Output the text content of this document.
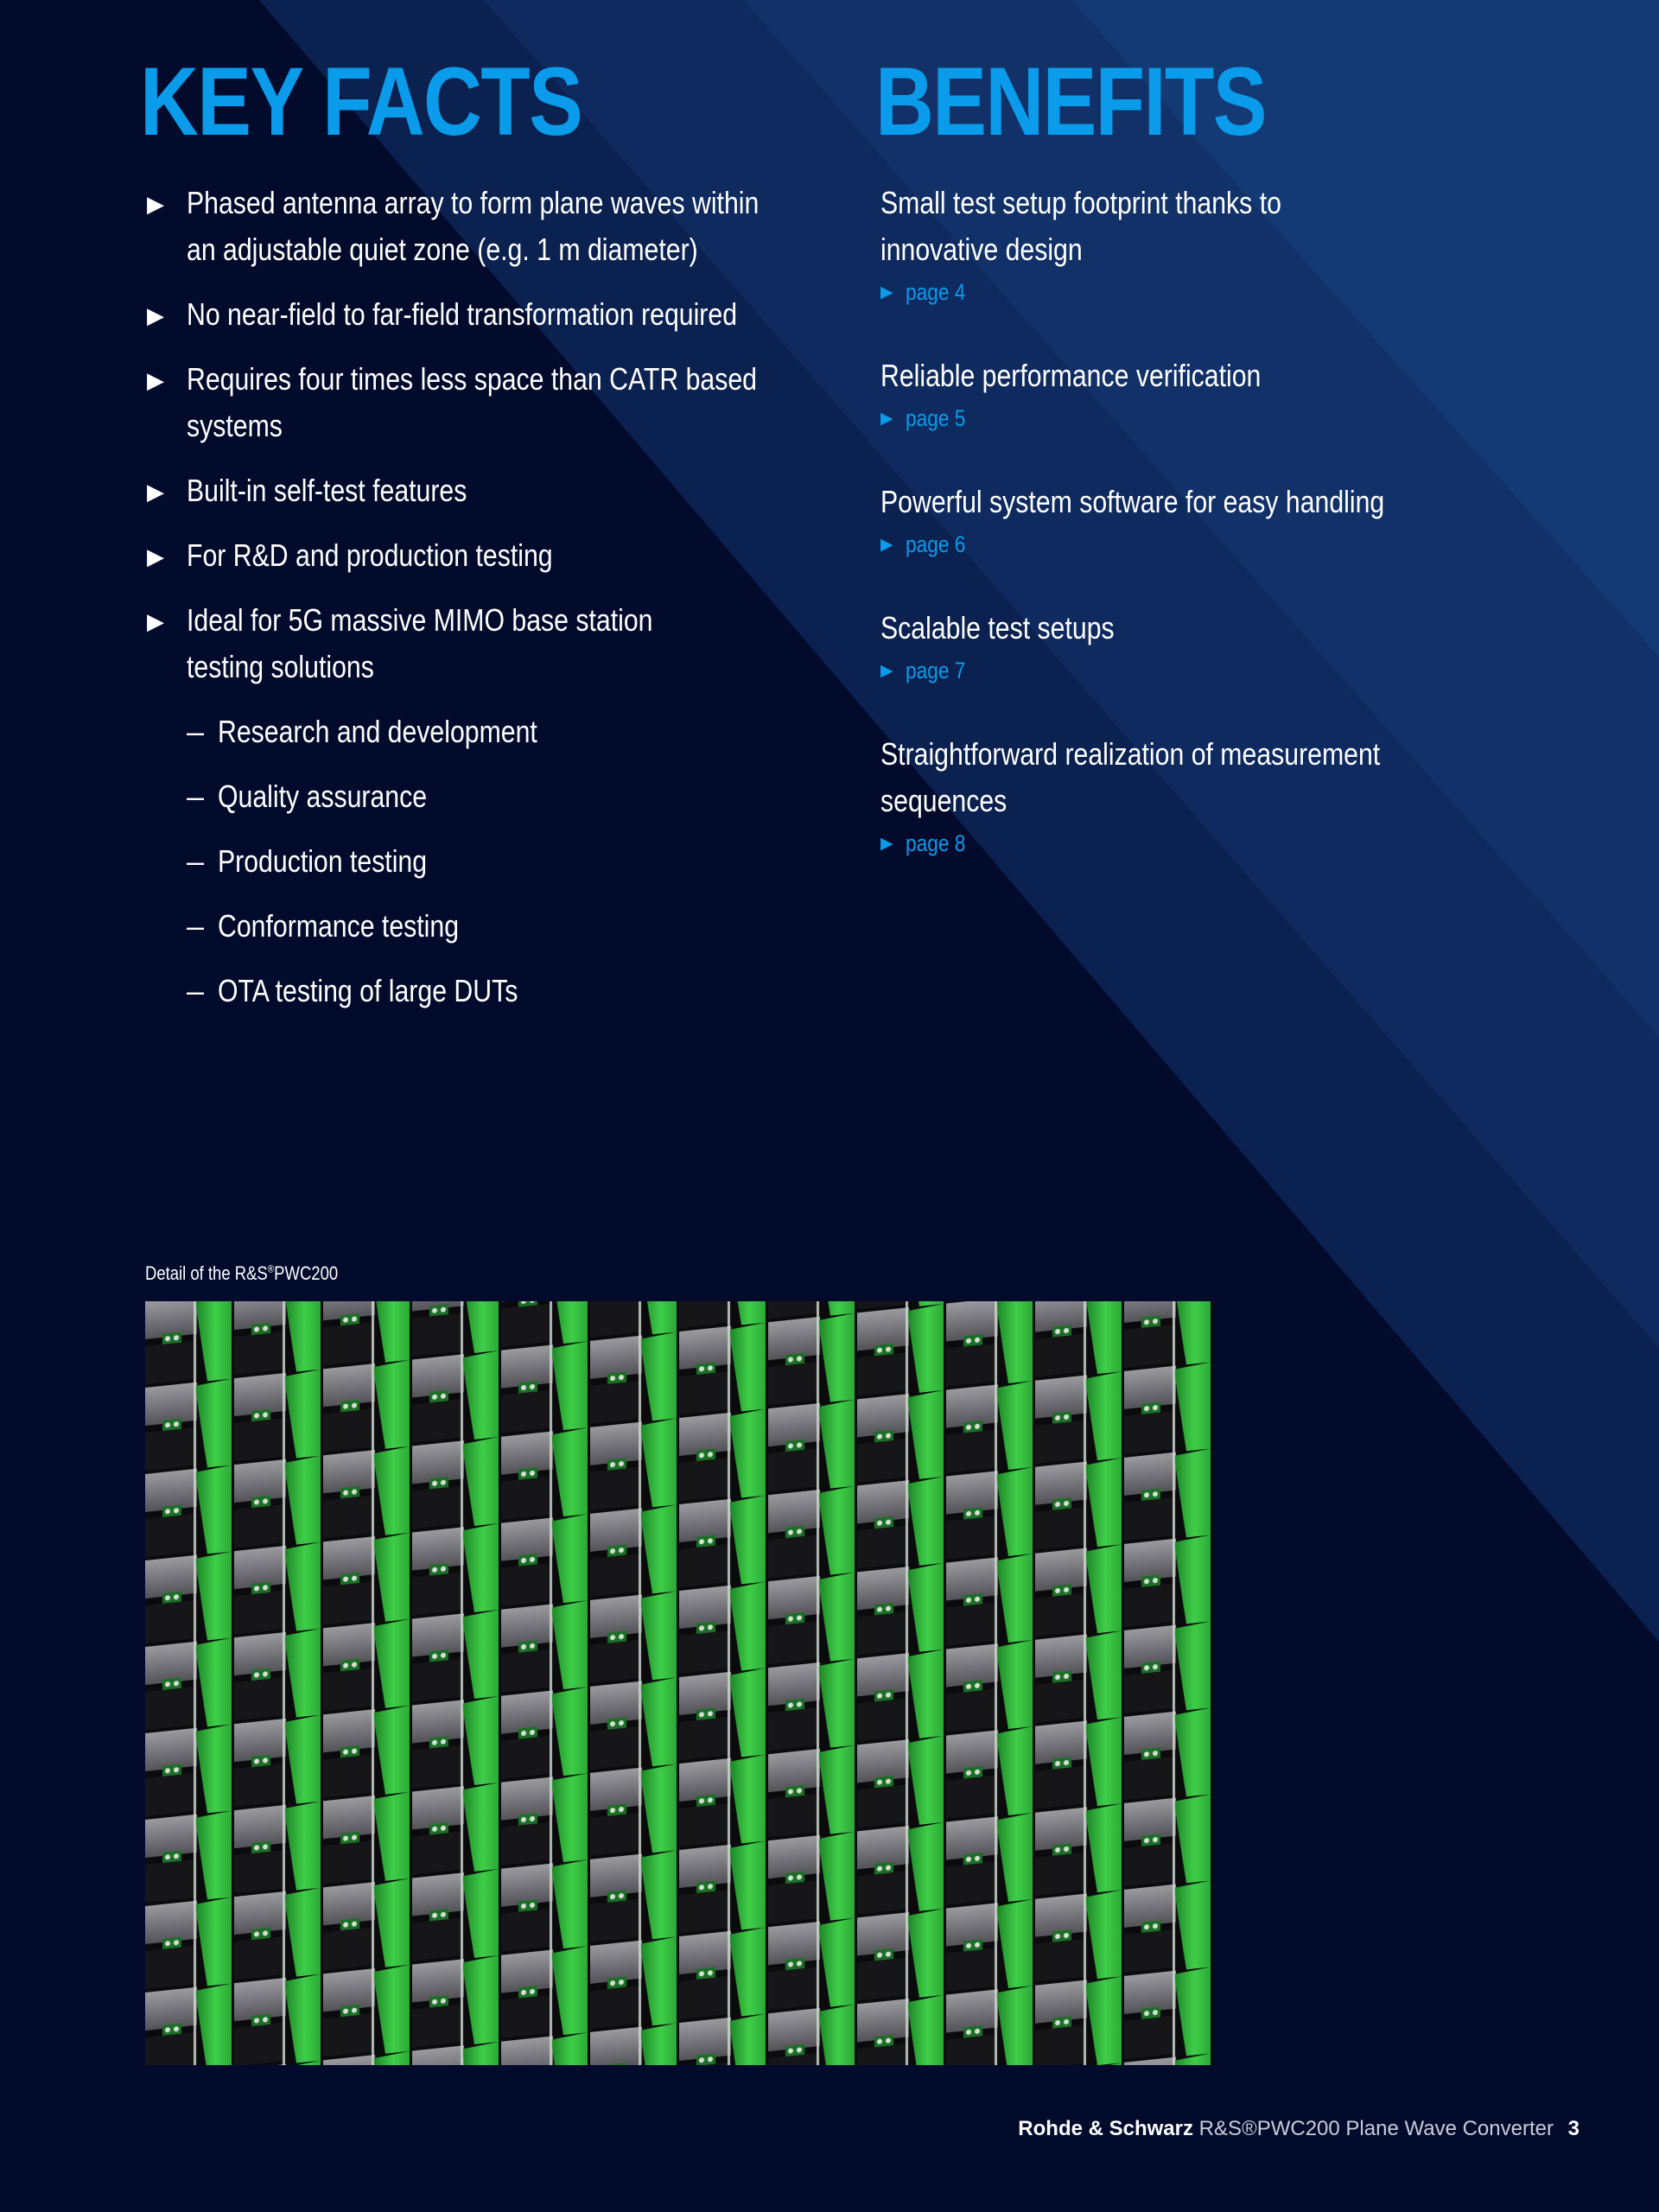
KEY FACTS	BENEFITS
▶ Phased antenna array to form plane waves within
an adjustable quiet zone (e.g. 1 m diameter)
▶ No near-field to far-field transformation required
▶ Requires four times less space than CATR based
systems
▶ Built-in self-test features
▶ For R&D and production testing
▶ Ideal for 5G massive MIMO base station
testing solutions
– Research and development
– Quality assurance
– Production testing
– Conformance testing
– OTA testing of large DUTs
Small test setup footprint thanks to
innovative design
▶ page 4
Reliable performance verification
▶ page 5
Powerful system software for easy handling
▶ page 6
Scalable test setups
▶ page 7
Straightforward realization of measurement
sequences
▶ page 8
Detail of the R&S®PWC200
Rohde & Schwarz R&S®PWC200 Plane Wave Converter 3
